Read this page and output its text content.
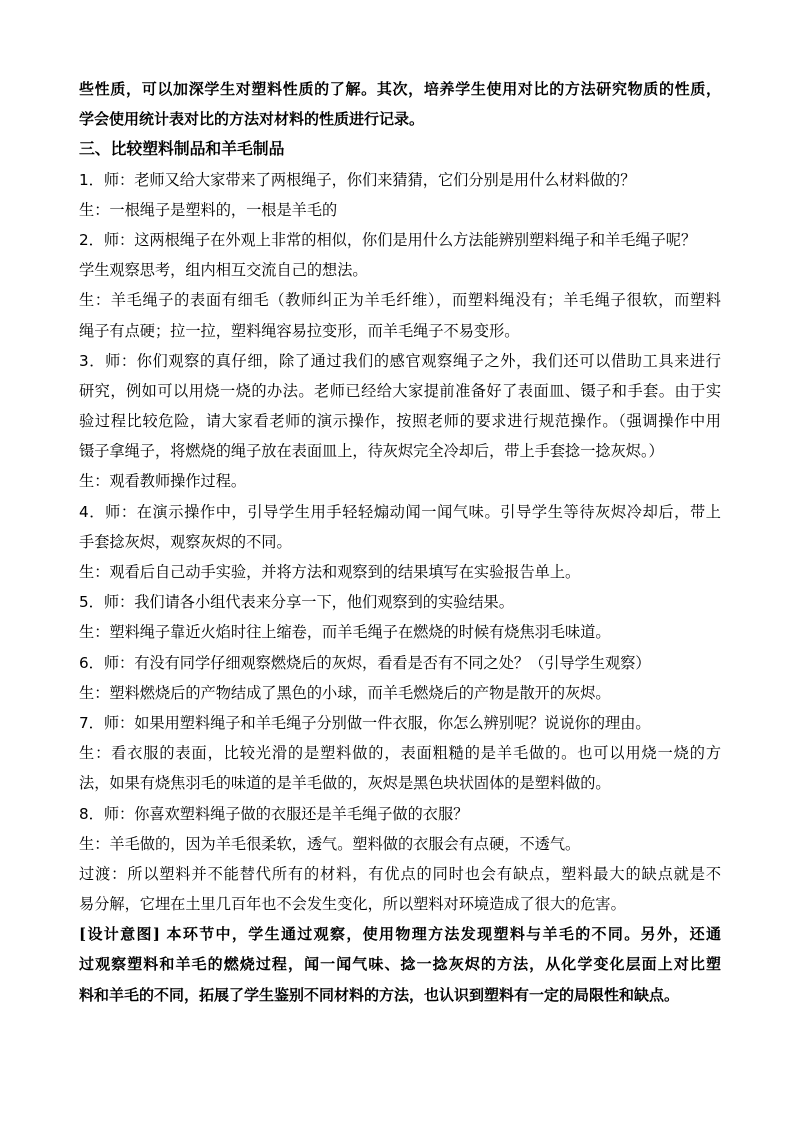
些性质，可以加深学生对塑料性质的了解。其次，培养学生使用对比的方法研究物质的性质，
学会使用统计表对比的方法对材料的性质进行记录。
三、比较塑料制品和羊毛制品
1．师：老师又给大家带来了两根绳子，你们来猜猜，它们分别是用什么材料做的？
生：一根绳子是塑料的，一根是羊毛的
2．师：这两根绳子在外观上非常的相似，你们是用什么方法能辨别塑料绳子和羊毛绳子呢？
学生观察思考，组内相互交流自己的想法。
生：羊毛绳子的表面有细毛（教师纠正为羊毛纤维），而塑料绳没有；羊毛绳子很软，而塑料
绳子有点硬；拉一拉，塑料绳容易拉变形，而羊毛绳子不易变形。
3．师：你们观察的真仔细，除了通过我们的感官观察绳子之外，我们还可以借助工具来进行
研究，例如可以用烧一烧的办法。老师已经给大家提前准备好了表面皿、镊子和手套。由于实
验过程比较危险，请大家看老师的演示操作，按照老师的要求进行规范操作。（强调操作中用
镊子拿绳子，将燃烧的绳子放在表面皿上，待灰烬完全冷却后，带上手套捻一捻灰烬。）
生：观看教师操作过程。
4．师：在演示操作中，引导学生用手轻轻煽动闻一闻气味。引导学生等待灰烬冷却后，带上
手套捻灰烬，观察灰烬的不同。
生：观看后自己动手实验，并将方法和观察到的结果填写在实验报告单上。
5．师：我们请各小组代表来分享一下，他们观察到的实验结果。
生：塑料绳子靠近火焰时往上缩卷，而羊毛绳子在燃烧的时候有烧焦羽毛味道。
6．师：有没有同学仔细观察燃烧后的灰烬，看看是否有不同之处？（引导学生观察）
生：塑料燃烧后的产物结成了黑色的小球，而羊毛燃烧后的产物是散开的灰烬。
7．师：如果用塑料绳子和羊毛绳子分别做一件衣服，你怎么辨别呢？说说你的理由。
生：看衣服的表面，比较光滑的是塑料做的，表面粗糙的是羊毛做的。也可以用烧一烧的方
法，如果有烧焦羽毛的味道的是羊毛做的，灰烬是黑色块状固体的是塑料做的。
8．师：你喜欢塑料绳子做的衣服还是羊毛绳子做的衣服？
生：羊毛做的，因为羊毛很柔软，透气。塑料做的衣服会有点硬，不透气。
过渡：所以塑料并不能替代所有的材料，有优点的同时也会有缺点，塑料最大的缺点就是不
易分解，它埋在土里几百年也不会发生变化，所以塑料对环境造成了很大的危害。
[设计意图] 本环节中，学生通过观察，使用物理方法发现塑料与羊毛的不同。另外，还通
过观察塑料和羊毛的燃烧过程，闻一闻气味、捻一捻灰烬的方法，从化学变化层面上对比塑
料和羊毛的不同，拓展了学生鉴别不同材料的方法，也认识到塑料有一定的局限性和缺点。
